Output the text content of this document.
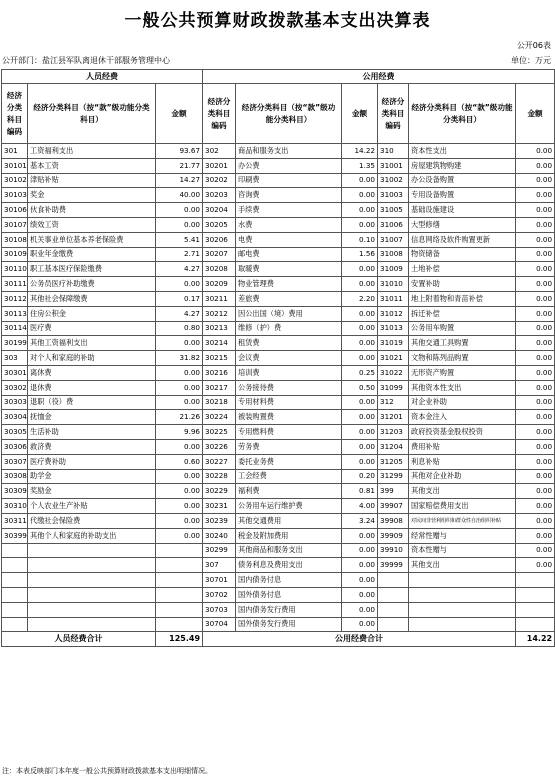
一般公共预算财政拨款基本支出决算表
公开06表
公开部门：盐江县军队离退休干部服务管理中心	单位：万元
人员经费			公用经费					
经济分类科目编码	经济分类科目（按“款”级功能分类科目）	金额	经济分类科目编码	经济分类科目（按“款”级功能分类科目）	金额	经济分类科目编码	经济分类科目（按“款”级功能分类科目）	金额
301	工资福利支出	93.67	302	商品和服务支出	14.22	310	资本性支出	0.00
30101	基本工资	21.77	30201	办公费	1.35	31001	房屋建筑物购建	0.00
30102	津贴补贴	14.27	30202	印刷费	0.00	31002	办公设备购置	0.00
30103	奖金	40.00	30203	咨询费	0.00	31003	专用设备购置	0.00
30106	伙食补助费	0.00	30204	手续费	0.00	31005	基础设施建设	0.00
30107	绩效工资	0.00	30205	水费	0.00	31006	大型修缮	0.00
30108	机关事业单位基本养老保险费	5.41	30206	电费	0.10	31007	信息网络及软件购置更新	0.00
30109	职业年金缴费	2.71	30207	邮电费	1.56	31008	物资储备	0.00
30110	职工基本医疗保险缴费	4.27	30208	取暖费	0.00	31009	土地补偿	0.00
30111	公务员医疗补助缴费	0.00	30209	物业管理费	0.00	31010	安置补助	0.00
30112	其他社会保障缴费	0.17	30211	差旅费	2.20	31011	地上附着物和青苗补偿	0.00
30113	住房公积金	4.27	30212	因公出国（境）费用	0.00	31012	拆迁补偿	0.00
30114	医疗费	0.80	30213	维修（护）费	0.00	31013	公务用车购置	0.00
30199	其他工资福利支出	0.00	30214	租赁费	0.00	31019	其他交通工具购置	0.00
303	对个人和家庭的补助	31.82	30215	会议费	0.00	31021	文物和陈列品购置	0.00
30301	离休费	0.00	30216	培训费	0.25	31022	无形资产购置	0.00
30302	退休费	0.00	30217	公务接待费	0.50	31099	其他资本性支出	0.00
30303	退职（役）费	0.00	30218	专用材料费	0.00	312	对企业补助	0.00
30304	抚恤金	21.26	30224	被装购置费	0.00	31201	资本金注入	0.00
30305	生活补助	9.96	30225	专用燃料费	0.00	31203	政府投资基金股权投资	0.00
30306	救济费	0.00	30226	劳务费	0.00	31204	费用补贴	0.00
30307	医疗费补助	0.60	30227	委托业务费	0.00	31205	利息补贴	0.00
30308	助学金	0.00	30228	工会经费	0.20	31299	其他对企业补助	0.00
30309	奖励金	0.00	30229	福利费	0.81	399	其他支出	0.00
30310	个人农业生产补贴	0.00	30231	公务用车运行维护费	4.00	39907	国家赔偿费用支出	0.00
30311	代缴社会保险费	0.00	30239	其他交通费用	3.24	39908	对民间非营利组织和群众性自治组织补贴	0.00
30399	其他个人和家庭的补助支出	0.00	30240	税金及附加费用	0.00	39909	经常性赠与	0.00
			30299	其他商品和服务支出	0.00	39910	资本性赠与	0.00
			307	债务利息及费用支出	0.00	39999	其他支出	0.00
			30701	国内债务付息	0.00			
			30702	国外债务付息	0.00			
			30703	国内债务发行费用	0.00			
			30704	国外债务发行费用	0.00			
人员经费合计		125.49	公用经费合计					14.22
注：本表反映部门本年度一般公共预算财政拨款基本支出明细情况。
